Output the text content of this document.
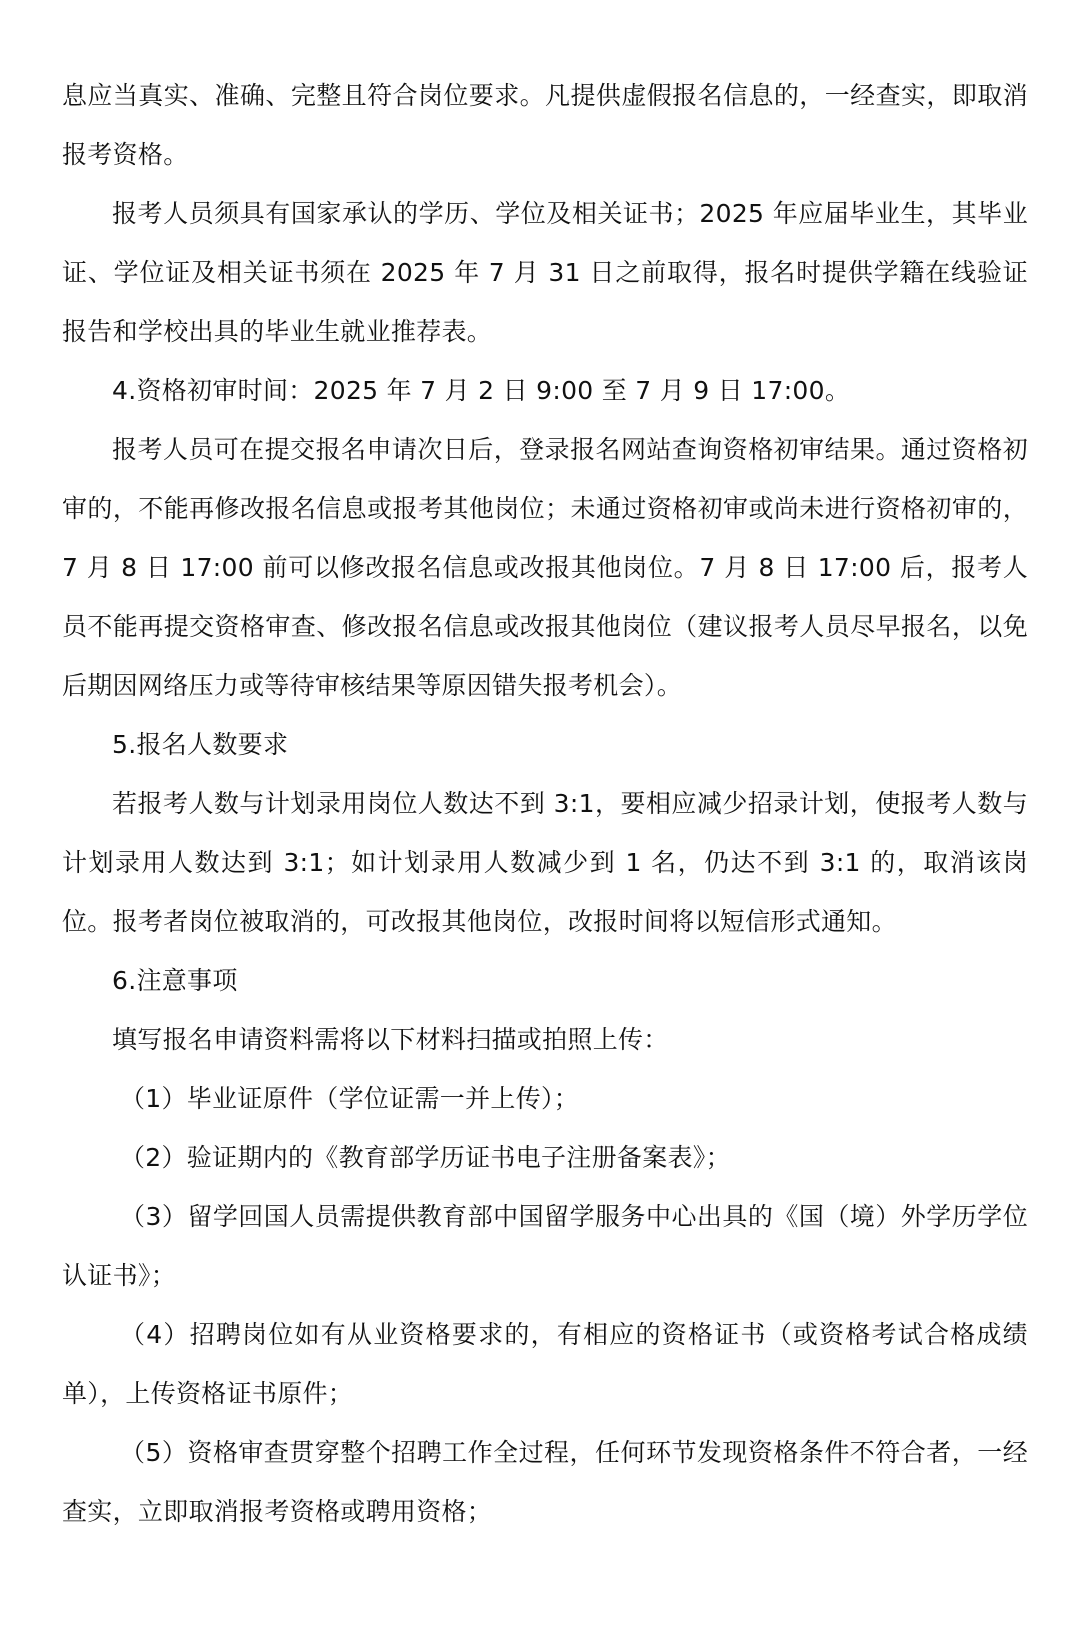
息应当真实、准确、完整且符合岗位要求。凡提供虚假报名信息的，一经查实，即取消报考资格。

报考人员须具有国家承认的学历、学位及相关证书；2025 年应届毕业生，其毕业证、学位证及相关证书须在 2025 年 7 月 31 日之前取得，报名时提供学籍在线验证报告和学校出具的毕业生就业推荐表。

4.资格初审时间：2025 年 7 月 2 日 9:00 至 7 月 9 日 17:00。

报考人员可在提交报名申请次日后，登录报名网站查询资格初审结果。通过资格初审的，不能再修改报名信息或报考其他岗位；未通过资格初审或尚未进行资格初审的，7 月 8 日 17:00 前可以修改报名信息或改报其他岗位。7 月 8 日 17:00 后，报考人员不能再提交资格审查、修改报名信息或改报其他岗位（建议报考人员尽早报名，以免后期因网络压力或等待审核结果等原因错失报考机会）。

5.报名人数要求

若报考人数与计划录用岗位人数达不到 3:1，要相应减少招录计划，使报考人数与计划录用人数达到 3:1；如计划录用人数减少到 1 名，仍达不到 3:1 的，取消该岗位。报考者岗位被取消的，可改报其他岗位，改报时间将以短信形式通知。

6.注意事项

填写报名申请资料需将以下材料扫描或拍照上传：

（1）毕业证原件（学位证需一并上传）；

（2）验证期内的《教育部学历证书电子注册备案表》；

（3）留学回国人员需提供教育部中国留学服务中心出具的《国（境）外学历学位认证书》；

（4）招聘岗位如有从业资格要求的，有相应的资格证书（或资格考试合格成绩单），上传资格证书原件；

（5）资格审查贯穿整个招聘工作全过程，任何环节发现资格条件不符合者，一经查实，立即取消报考资格或聘用资格；
